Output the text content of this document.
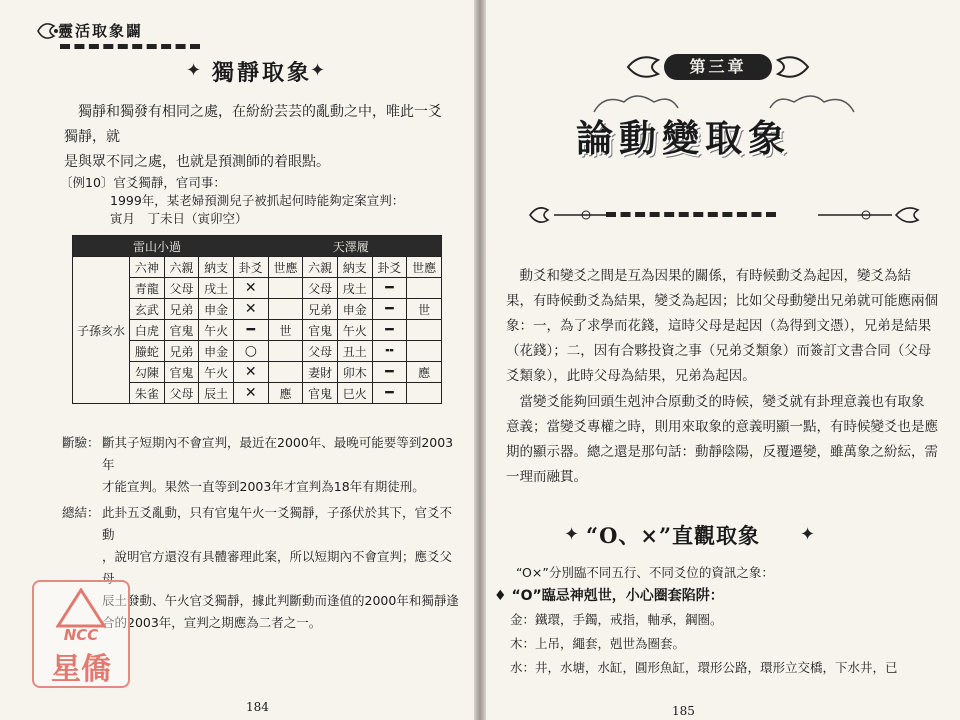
靈活取象闢
✦ 獨靜取象
✦
獨靜和獨發有相同之處，在紛紛芸芸的亂動之中，唯此一爻獨靜，就
是與眾不同之處，也就是預測師的着眼點。
〔例10〕官爻獨靜，官司事：
1999年，某老婦預測兒子被抓起何時能夠定案宣判：
寅月　丁未日（寅卯空）
雷山小過						天澤履			
子孫亥水	六神	六親	納支	卦爻	世應	六親	納支	卦爻	世應
	青龍	父母	戌土	✕		父母	戌土	━	
	玄武	兄弟	申金	✕		兄弟	申金	━	世
	白虎	官鬼	午火	━	世	官鬼	午火	━	
	螣蛇	兄弟	申金	○		父母	丑土	╍	
	勾陳	官鬼	午火	✕		妻財	卯木	━	應
	朱雀	父母	辰土	✕	應	官鬼	巳火	━	
斷驗： 斷其子短期內不會宣判，最近在2000年、最晚可能要等到2003年
才能宣判。果然一直等到2003年才宣判為18年有期徒刑。
總結： 此卦五爻亂動，只有官鬼午火一爻獨靜，子孫伏於其下，官爻不動
，說明官方還沒有具體審理此案，所以短期內不會宣判；應爻父母
辰土發動、午火官爻獨靜，據此判斷動而逢值的2000年和獨靜逢
合的2003年，宣判之期應為二者之一。
NCC
星僑
184
第三章
論動變取象
動爻和變爻之間是互為因果的關係，有時候動爻為起因，變爻為結
果，有時候動爻為結果，變爻為起因；比如父母動變出兄弟就可能應兩個
象：一，為了求學而花錢，這時父母是起因（為得到文憑），兄弟是結果
（花錢）；二，因有合夥投資之事（兄弟爻類象）而簽訂文書合同（父母
爻類象），此時父母為結果，兄弟為起因。
當變爻能夠回頭生剋沖合原動爻的時候，變爻就有卦理意義也有取象
意義；當變爻專權之時，則用來取象的意義明顯一點，有時候變爻也是應
期的顯示器。總之還是那句話：動靜陰陽，反覆遷變，雖萬象之紛紜，需
一理而融貫。
✦ “O、×”直觀取象 ✦
“O×”分別臨不同五行、不同爻位的資訊之象：
♦ “O”臨忌神剋世，小心圈套陷阱：
金：鐵環，手鐲，戒指，軸承，鋼圈。
木：上吊，繩套，剋世為圈套。
水：井，水塘，水缸，圓形魚缸，環形公路，環形立交橋，下水井，已
185
